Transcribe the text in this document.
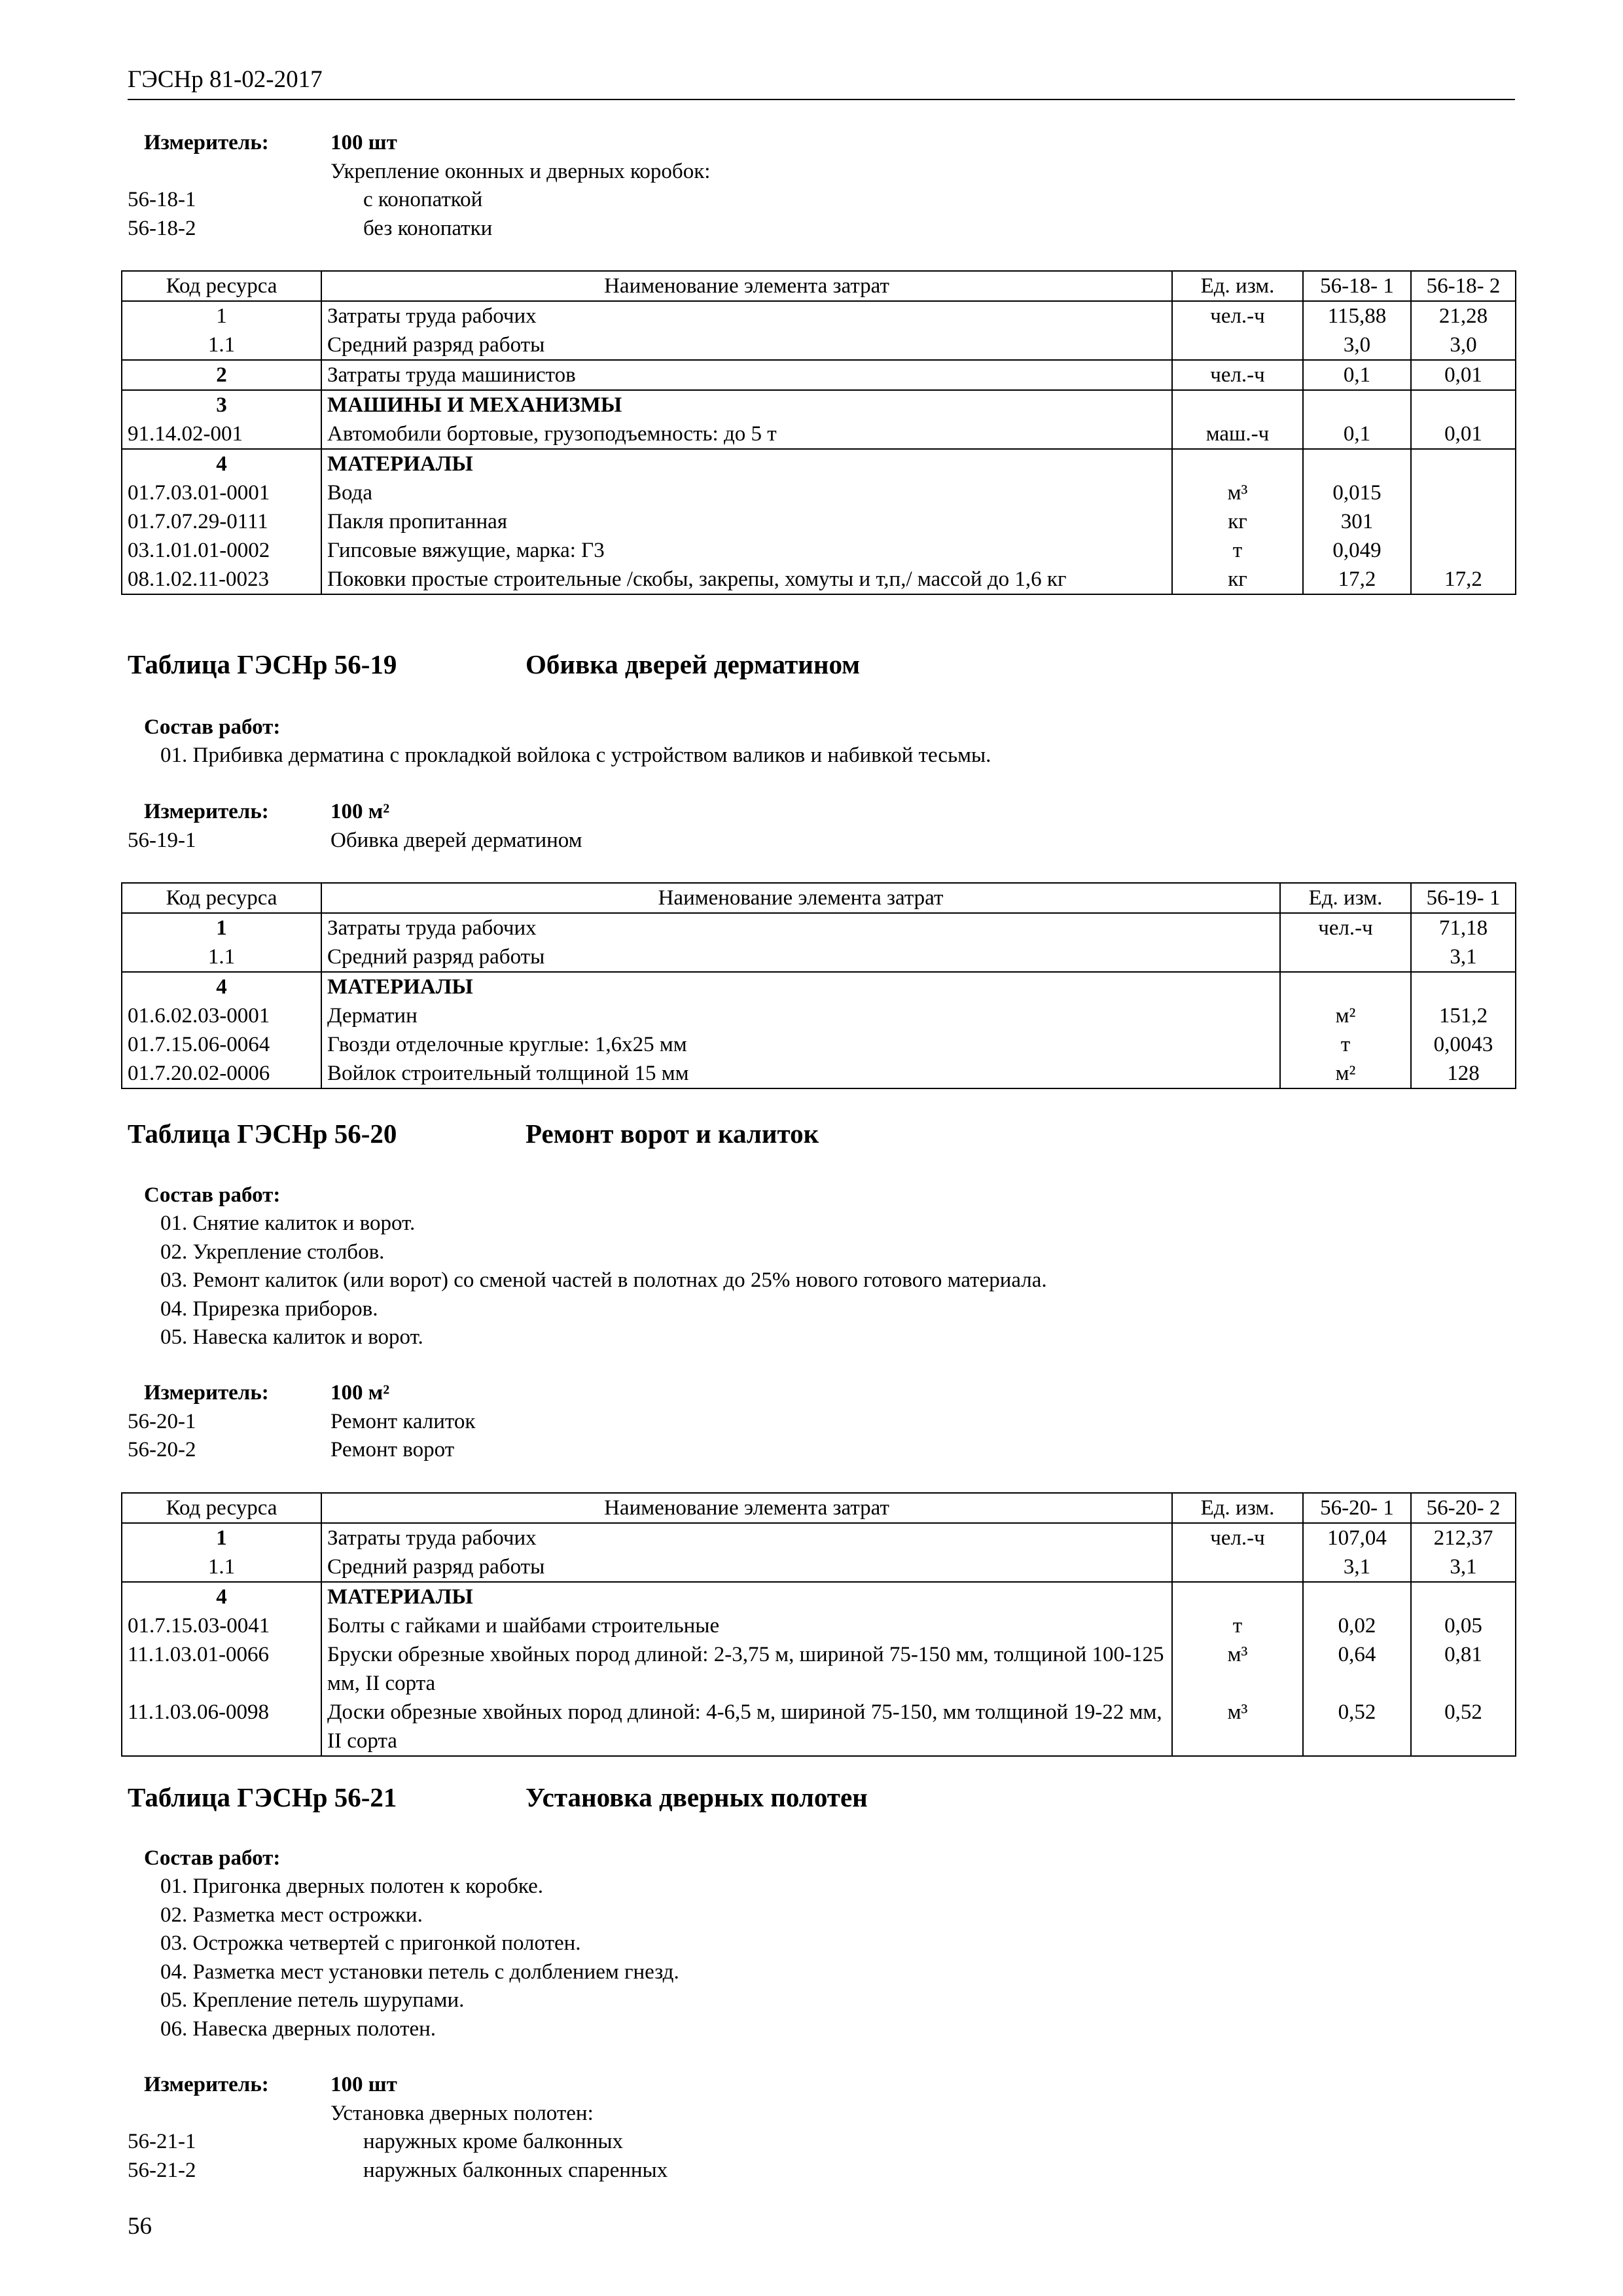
ГЭСНр 81-02-2017
Измеритель:	100 шт
Укрепление оконных и дверных коробок:
56-18-1	с конопаткой
56-18-2	без конопатки
Код ресурса	Наименование элемента затрат	Ед. изм.	56-18- 1	56-18- 2
1	Затраты труда рабочих	чел.-ч	115,88	21,28
1.1	Средний разряд работы		3,0	3,0
2	Затраты труда машинистов	чел.-ч	0,1	0,01
3	МАШИНЫ И МЕХАНИЗМЫ			
91.14.02-001	Автомобили бортовые, грузоподъемность: до 5 т	маш.-ч	0,1	0,01
4	МАТЕРИАЛЫ			
01.7.03.01-0001	Вода	м³	0,015	
01.7.07.29-0111	Пакля пропитанная	кг	301	
03.1.01.01-0002	Гипсовые вяжущие, марка: Г3	т	0,049	
08.1.02.11-0023	Поковки простые строительные /скобы, закрепы, хомуты и т,п,/ массой до 1,6 кг	кг	17,2	17,2
Таблица ГЭСНр 56-19	Обивка дверей дерматином
Состав работ:
01. Прибивка дерматина с прокладкой войлока с устройством валиков и набивкой тесьмы.
Измеритель:	100 м²
56-19-1	Обивка дверей дерматином
Код ресурса	Наименование элемента затрат	Ед. изм.	56-19- 1
1	Затраты труда рабочих	чел.-ч	71,18
1.1	Средний разряд работы		3,1
4	МАТЕРИАЛЫ		
01.6.02.03-0001	Дерматин	м²	151,2
01.7.15.06-0064	Гвозди отделочные круглые: 1,6х25 мм	т	0,0043
01.7.20.02-0006	Войлок строительный толщиной 15 мм	м²	128
Таблица ГЭСНр 56-20	Ремонт ворот и калиток
Состав работ:
01. Снятие калиток и ворот.
02. Укрепление столбов.
03. Ремонт калиток (или ворот) со сменой частей в полотнах до 25% нового готового материала.
04. Прирезка приборов.
05. Навеска калиток и ворот.
Измеритель:	100 м²
56-20-1	Ремонт калиток
56-20-2	Ремонт ворот
Код ресурса	Наименование элемента затрат	Ед. изм.	56-20- 1	56-20- 2
1	Затраты труда рабочих	чел.-ч	107,04	212,37
1.1	Средний разряд работы		3,1	3,1
4	МАТЕРИАЛЫ			
01.7.15.03-0041	Болты с гайками и шайбами строительные	т	0,02	0,05
11.1.03.01-0066	Бруски обрезные хвойных пород длиной: 2-3,75 м, шириной 75-150 мм, толщиной 100-125 мм, II сорта	м³	0,64	0,81
11.1.03.06-0098	Доски обрезные хвойных пород длиной: 4-6,5 м, шириной 75-150, мм толщиной 19-22 мм, II сорта	м³	0,52	0,52
Таблица ГЭСНр 56-21	Установка дверных полотен
Состав работ:
01. Пригонка дверных полотен к коробке.
02. Разметка мест острожки.
03. Острожка четвертей с пригонкой полотен.
04. Разметка мест установки петель с долблением гнезд.
05. Крепление петель шурупами.
06. Навеска дверных полотен.
Измеритель:	100 шт
Установка дверных полотен:
56-21-1	наружных кроме балконных
56-21-2	наружных балконных спаренных
56
